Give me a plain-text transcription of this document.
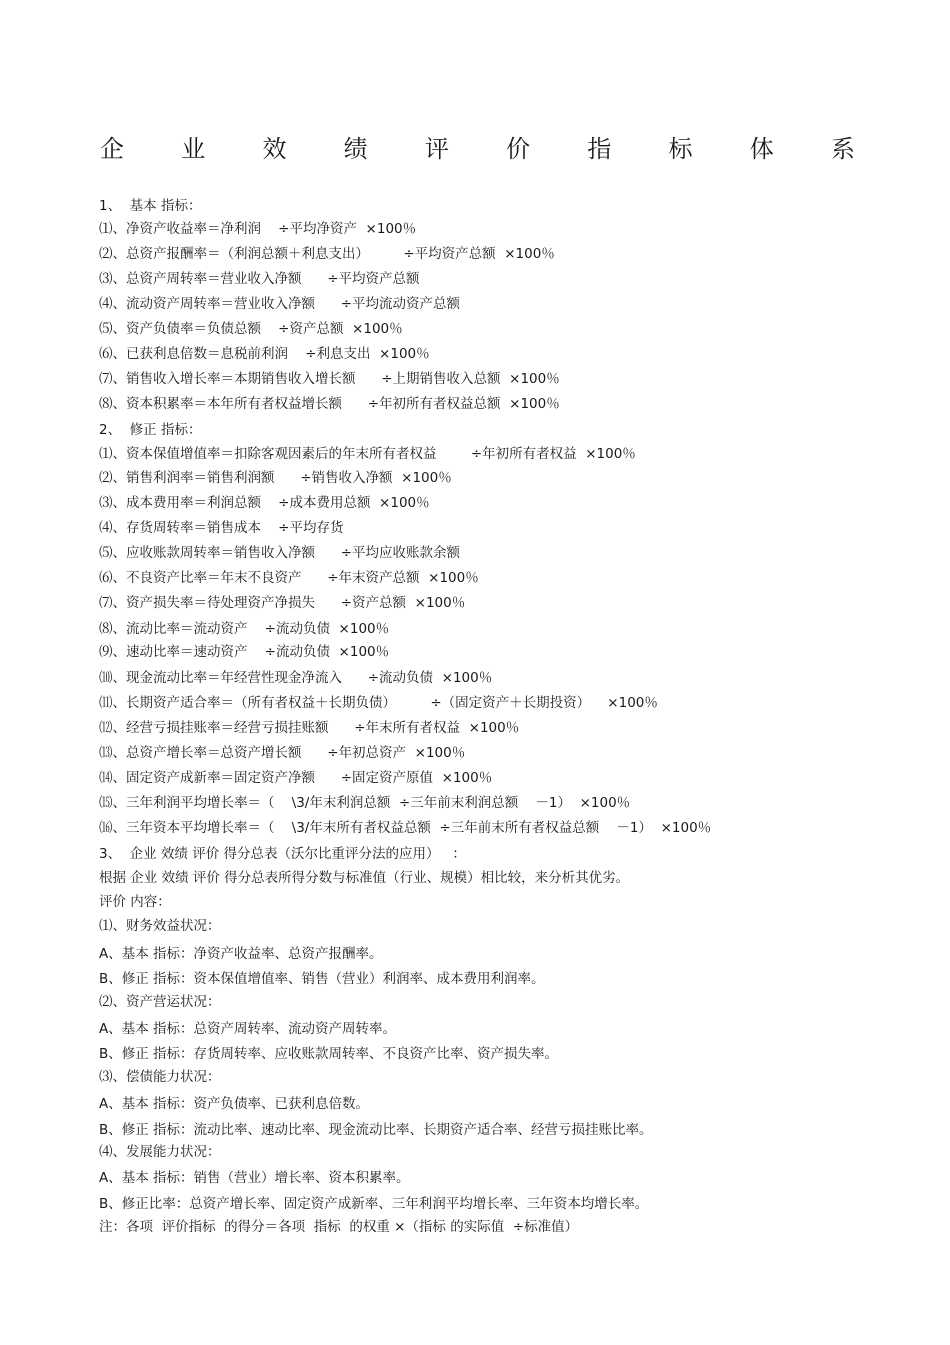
企 业 效 绩 评 价 指 标 体 系
1、  基本 指标：
⑴、净资产收益率＝净利润    ÷平均净资产  ×100％
⑵、总资产报酬率＝（利润总额＋利息支出）        ÷平均资产总额  ×100％
⑶、总资产周转率＝营业收入净额      ÷平均资产总额
⑷、流动资产周转率＝营业收入净额      ÷平均流动资产总额
⑸、资产负债率＝负债总额    ÷资产总额  ×100％
⑹、已获利息倍数＝息税前利润    ÷利息支出  ×100％
⑺、销售收入增长率＝本期销售收入增长额      ÷上期销售收入总额  ×100％
⑻、资本积累率＝本年所有者权益增长额      ÷年初所有者权益总额  ×100％
2、  修正 指标：
⑴、资本保值增值率＝扣除客观因素后的年末所有者权益        ÷年初所有者权益  ×100％
⑵、销售利润率＝销售利润额      ÷销售收入净额  ×100％
⑶、成本费用率＝利润总额    ÷成本费用总额  ×100％
⑷、存货周转率＝销售成本    ÷平均存货
⑸、应收账款周转率＝销售收入净额      ÷平均应收账款余额
⑹、不良资产比率＝年末不良资产      ÷年末资产总额  ×100％
⑺、资产损失率＝待处理资产净损失      ÷资产总额  ×100％
⑻、流动比率＝流动资产    ÷流动负债  ×100％
⑼、速动比率＝速动资产    ÷流动负债  ×100％
⑽、现金流动比率＝年经营性现金净流入      ÷流动负债  ×100％
⑾、长期资产适合率＝（所有者权益＋长期负债）        ÷（固定资产＋长期投资）    ×100％
⑿、经营亏损挂账率＝经营亏损挂账额      ÷年末所有者权益  ×100％
⒀、总资产增长率＝总资产增长额      ÷年初总资产  ×100％
⒁、固定资产成新率＝固定资产净额      ÷固定资产原值  ×100％
⒂、三年利润平均增长率＝（    \3/年末利润总额  ÷三年前末利润总额    －1）  ×100％
⒃、三年资本平均增长率＝（    \3/年末所有者权益总额  ÷三年前末所有者权益总额    －1）  ×100％
3、  企业 效绩 评价 得分总表（沃尔比重评分法的应用）   ：
根据 企业 效绩 评价 得分总表所得分数与标准值（行业、规模）相比较，来分析其优劣。
评价 内容：
⑴、财务效益状况：
A、基本 指标：净资产收益率、总资产报酬率。
B、修正 指标：资本保值增值率、销售（营业）利润率、成本费用利润率。
⑵、资产营运状况：
A、基本 指标：总资产周转率、流动资产周转率。
B、修正 指标：存货周转率、应收账款周转率、不良资产比率、资产损失率。
⑶、偿债能力状况：
A、基本 指标：资产负债率、已获利息倍数。
B、修正 指标：流动比率、速动比率、现金流动比率、长期资产适合率、经营亏损挂账比率。
⑷、发展能力状况：
A、基本 指标：销售（营业）增长率、资本积累率。
B、修正比率：总资产增长率、固定资产成新率、三年利润平均增长率、三年资本均增长率。
注：各项  评价指标  的得分＝各项  指标  的权重 ×（指标 的实际值  ÷标准值）
